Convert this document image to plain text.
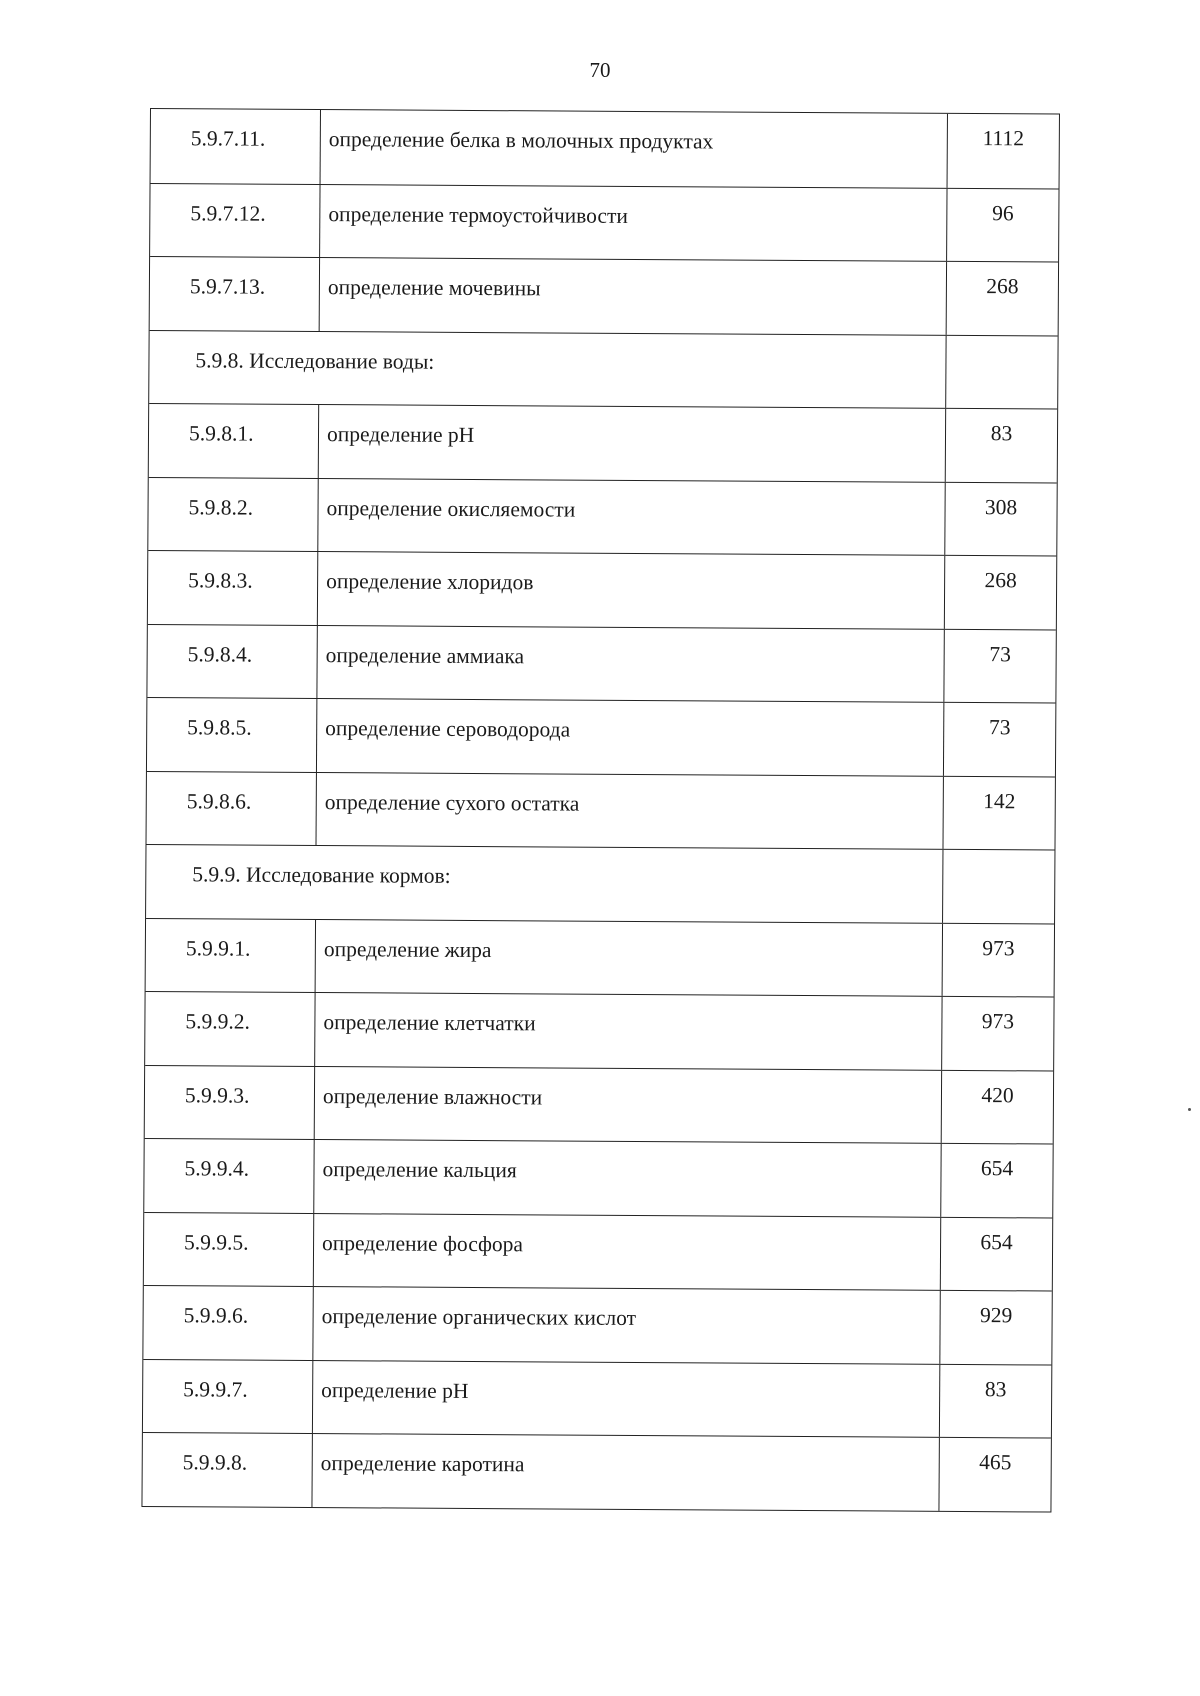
70
5.9.7.11.	определение белка в молочных продуктах	1112
5.9.7.12.	определение термоустойчивости	96
5.9.7.13.	определение мочевины	268
5.9.8. Исследование воды:
5.9.8.1.	определение pH	83
5.9.8.2.	определение окисляемости	308
5.9.8.3.	определение хлоридов	268
5.9.8.4.	определение аммиака	73
5.9.8.5.	определение сероводорода	73
5.9.8.6.	определение сухого остатка	142
5.9.9. Исследование кормов:
5.9.9.1.	определение жира	973
5.9.9.2.	определение клетчатки	973
5.9.9.3.	определение влажности	420
5.9.9.4.	определение кальция	654
5.9.9.5.	определение фосфора	654
5.9.9.6.	определение органических кислот	929
5.9.9.7.	определение pH	83
5.9.9.8.	определение каротина	465
